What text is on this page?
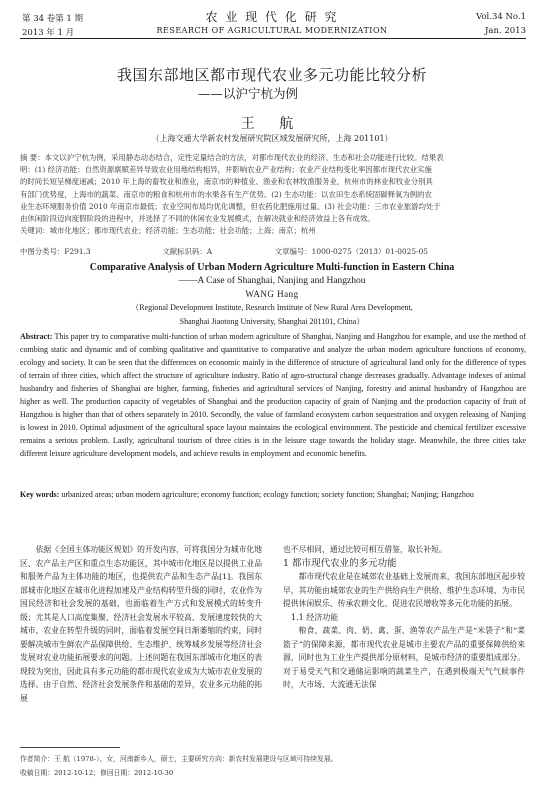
第 34 卷第 1 期
2013 年 1 月
农 业 现 代 化 研 究
RESEARCH OF AGRICULTURAL MODERNIZATION
Vol.34 No.1
Jan. 2013
我国东部地区都市现代农业多元功能比较分析
——以沪宁杭为例
王 航
（上海交通大学新农村发展研究院区域发展研究所，上海 201101）

摘 要：本文以沪宁杭为例，采用静态动态结合，定性定量结合的方法，对都市现代农业的经济、生态和社会功能进行比较。结果表

明：(1) 经济功能：自然资源禀赋差异导致农业用地结构相异，并影响农业产业结构；农业产业结构变化率因都市现代农业实施

的时间长短呈梯度递减；2010 年上海的畜牧业和渔业，南京市的种植业、渔业和农林牧渔服务业，杭州市的林业和牧业分别具

有部门优势度，上海市的蔬菜、南京市的粮食和杭州市的水果各有生产优势。(2) 生态功能：以农田生态系统固碳释氧为例的农

业生态环境服务价值 2010 年南京市最低；农业空间布局均优化调整，但农药化肥施用过量。(3) 社会功能：三市农业旅游均处于

由休闲阶段迈向度假阶段的进程中，并选择了不同的休闲农业发展模式，在解决就业和经济效益上各有成效。

关键词：城市化地区；都市现代农业；经济功能；生态功能；社会功能；上海；南京；杭州

中图分类号：F291.3	文献标识码：A	文章编号：1000-0275（2013）01-0025-05
Comparative Analysis of Urban Modern Agriculture Multi-function in Eastern China
——A Case of Shanghai, Nanjing and Hangzhou
WANG Hang
（Regional Development Institute, Research Institute of New Rural Area Development,
Shanghai Jiaotong University, Shanghai 201101, China）
Abstract: This paper try to comparative multi-function of urban modern agriculture of Shanghai, Nanjing and Hangzhou for example, and use the method of combing static and dynamic and of combing qualitative and quantitative to comparative and analyze the urban modern agriculture functions of economy, ecology and society. It can be seen that the differences on economic mainly in the difference of structure of agricultural land only for the difference of types of terrain of three cities, which affect the structure of agriculture industry. Ratio of agro-structural change decreases gradually. Advantage indexes of animal husbandry and fisheries of Shanghai are higher, farming, fisheries and agricultural services of Nanjing, forestry and animal husbandry of Hangzhou are higher as well. The production capacity of vegetables of Shanghai and the production capacity of grain of Nanjing and the production capacity of fruit of Hangzhou is higher than that of others separately in 2010. Secondly, the value of farmland ecosystem carbon sequestration and oxygen releasing of Nanjing is lowest in 2010. Optimal adjustment of the agricultural space layout maintains the ecological environment. The pesticide and chemical fertilizer excessive remains a serious problem. Lastly, agricultural tourism of three cities is in the leisure stage towards the holiday stage. Meanwhile, the three cities take different leisure agriculture development models, and achieve results in employment and economic benefits.
Key words: urbanized areas; urban modern agriculture; economy function; ecology function; society function; Shanghai; Nanjing; Hangzhou

依据《全国主体功能区规划》的开发内容，可将我国分为城市化地区、农产品主产区和重点生态功能区，其中城市化地区是以提供工业品和服务产品为主体功能的地区，也提供农产品和生态产品[1]。我国东部城市化地区在城市化进程加速及产业结构转型升级的同时，农业作为国民经济和社会发展的基础，也面临着生产方式和发展模式的转变升级；尤其是人口高度集聚、经济社会发展水平较高、发展速度较快的大城市，农业在转型升级的同时，面临着发展空间日渐萎缩的约束，同时要解决城市生鲜农产品保障供给、生态维护、统筹城乡发展等经济社会发展对农业功能拓展要求的问题。上述问题在我国东部城市化地区的表现较为突出，因此具有多元功能的都市现代农业成为大城市农业发展的选择。由于自然、经济社会发展条件和基础的差异，农业多元功能的拓展

也不尽相同，通过比较可相互借鉴，取长补短。

1 都市现代农业的多元功能

都市现代农业是在城郊农业基础上发展而来，我国东部地区起步较早，其功能由城郊农业的生产供给向生产供给、维护生态环境、为市民提供休闲娱乐、传承农耕文化、促进农民增收等多元化功能的拓展。

1.1 经济功能

粮食、蔬菜、肉、奶、禽、蛋、渔等农产品生产是“米袋子”和“菜篮子”的保障来源，都市现代农业是城市主要农产品的重要保障供给来源，同时也为工业生产提供部分原材料，是城市经济的重要组成部分。对于易受天气和交通储运影响的蔬菜生产，在遇到极端天气气候事件时，大市场、大流通无法保

作者简介：王 航（1978-），女，河南新乡人，硕士，主要研究方向：新农村发展建设与区域可持续发展。
收稿日期：2012-10-12；修回日期：2012-10-30
